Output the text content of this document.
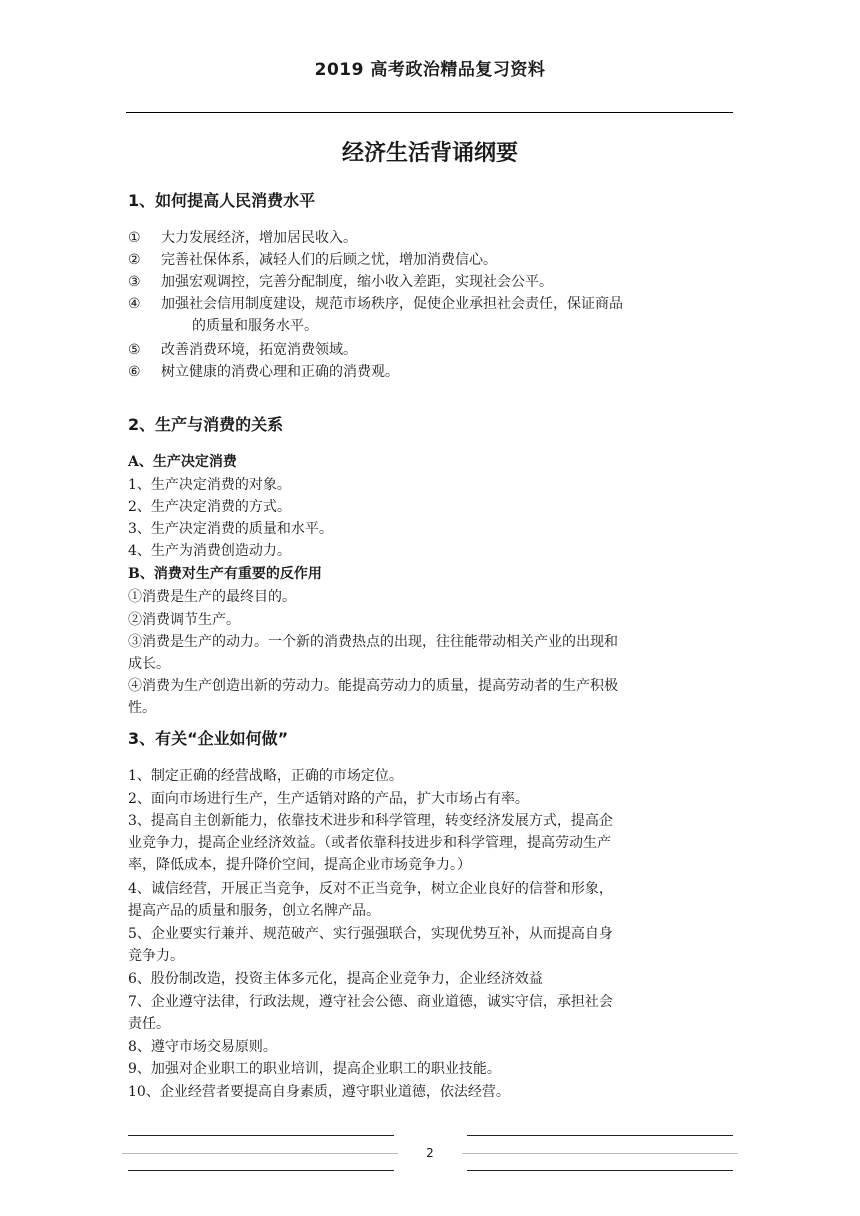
2019 高考政治精品复习资料
经济生活背诵纲要
1、如何提高人民消费水平
① 大力发展经济，增加居民收入。
② 完善社保体系，减轻人们的后顾之忧，增加消费信心。
③ 加强宏观调控，完善分配制度，缩小收入差距，实现社会公平。
④ 加强社会信用制度建设，规范市场秩序，促使企业承担社会责任，保证商品
的质量和服务水平。
⑤ 改善消费环境，拓宽消费领域。
⑥ 树立健康的消费心理和正确的消费观。
2、生产与消费的关系
A、生产决定消费
1、生产决定消费的对象。
2、生产决定消费的方式。
3、生产决定消费的质量和水平。
4、生产为消费创造动力。
B、消费对生产有重要的反作用
①消费是生产的最终目的。
②消费调节生产。
③消费是生产的动力。一个新的消费热点的出现，往往能带动相关产业的出现和
成长。
④消费为生产创造出新的劳动力。能提高劳动力的质量，提高劳动者的生产积极
性。
3、有关“企业如何做”
1、制定正确的经营战略，正确的市场定位。
2、面向市场进行生产，生产适销对路的产品，扩大市场占有率。
3、提高自主创新能力，依靠技术进步和科学管理，转变经济发展方式，提高企
业竞争力，提高企业经济效益。（或者依靠科技进步和科学管理，提高劳动生产
率，降低成本，提升降价空间，提高企业市场竞争力。）
4、诚信经营，开展正当竞争，反对不正当竞争，树立企业良好的信誉和形象，
提高产品的质量和服务，创立名牌产品。
5、企业要实行兼并、规范破产、实行强强联合，实现优势互补，从而提高自身
竞争力。
6、股份制改造，投资主体多元化，提高企业竞争力，企业经济效益
7、企业遵守法律，行政法规，遵守社会公德、商业道德，诚实守信，承担社会
责任。
8、遵守市场交易原则。
9、加强对企业职工的职业培训，提高企业职工的职业技能。
10、企业经营者要提高自身素质，遵守职业道德，依法经营。
2
